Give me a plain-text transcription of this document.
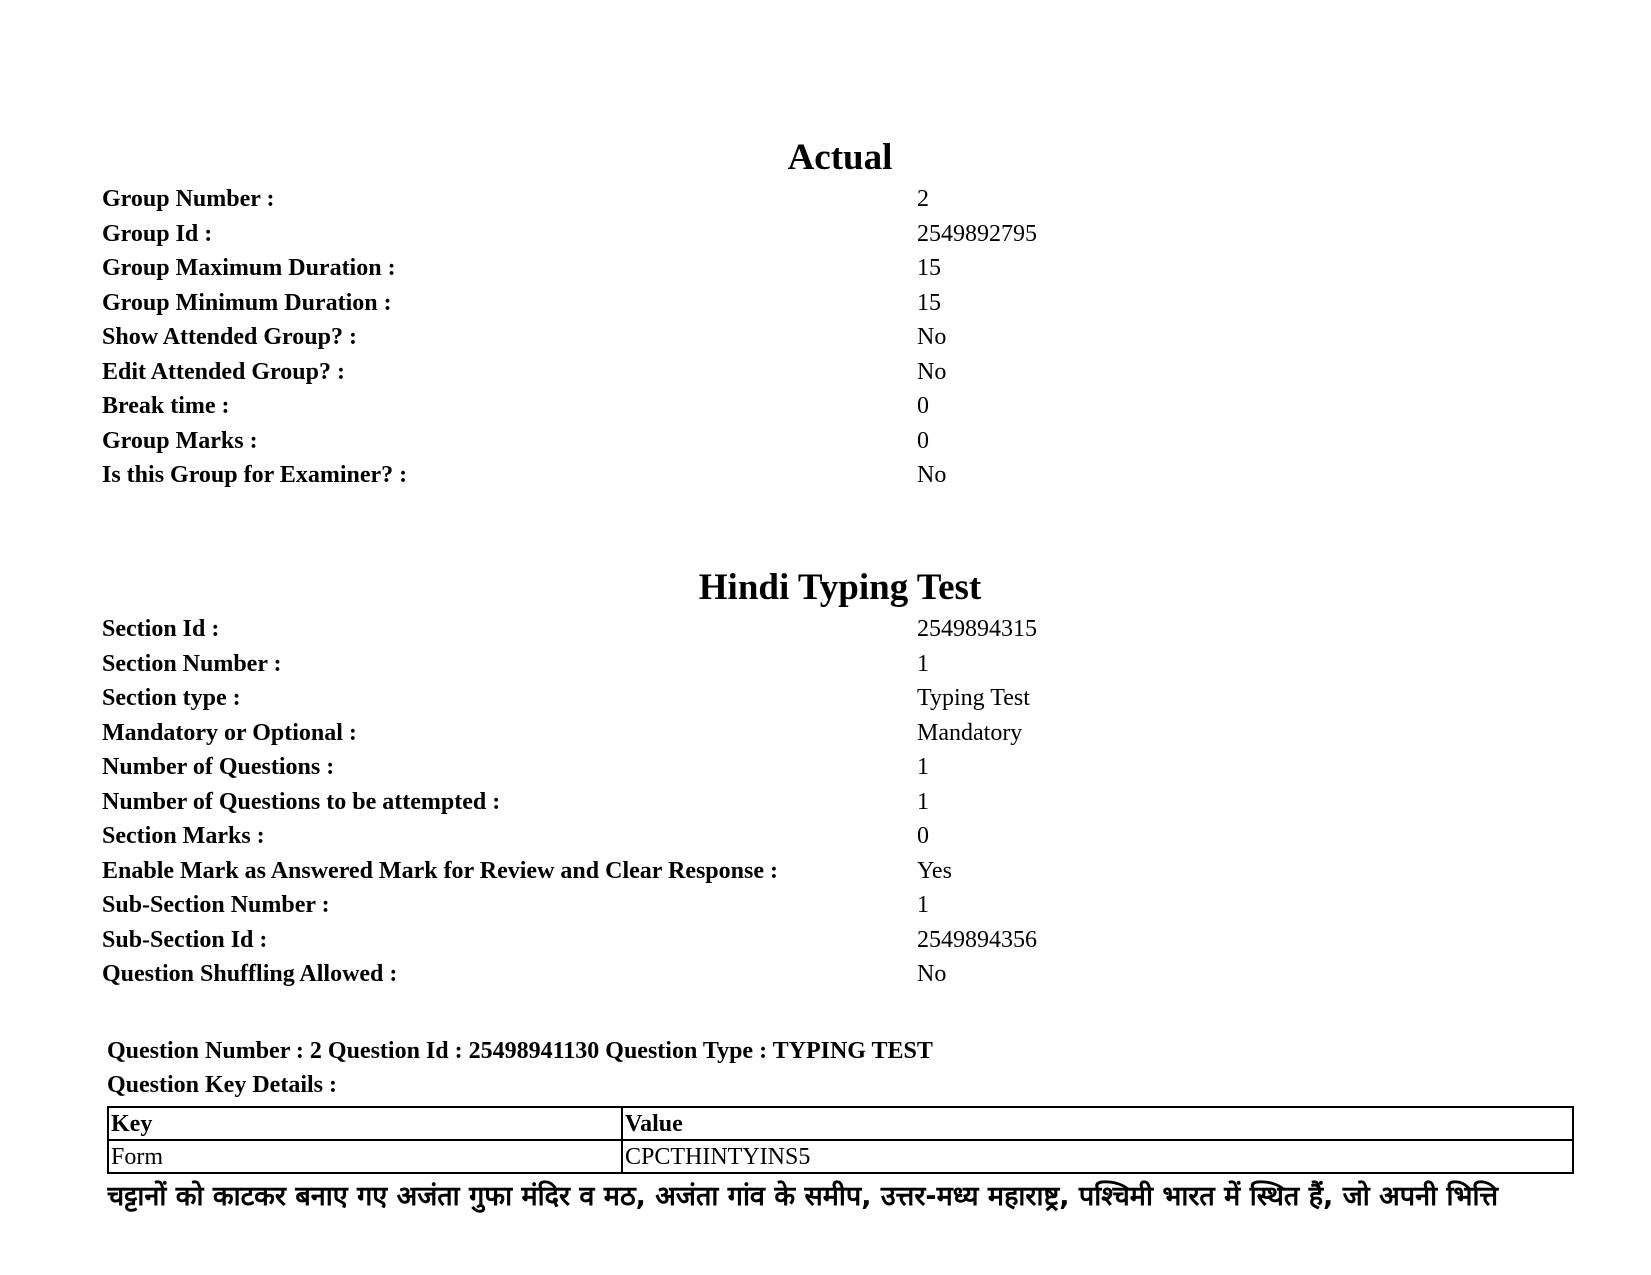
Actual
Group Number :	2
Group Id :	2549892795
Group Maximum Duration :	15
Group Minimum Duration :	15
Show Attended Group? :	No
Edit Attended Group? :	No
Break time :	0
Group Marks :	0
Is this Group for Examiner? :	No
Hindi Typing Test
Section Id :	2549894315
Section Number :	1
Section type :	Typing Test
Mandatory or Optional :	Mandatory
Number of Questions :	1
Number of Questions to be attempted :	1
Section Marks :	0
Enable Mark as Answered Mark for Review and Clear Response :	Yes
Sub-Section Number :	1
Sub-Section Id :	2549894356
Question Shuffling Allowed :	No
Question Number : 2 Question Id : 25498941130 Question Type : TYPING TEST
Question Key Details :
Key	Value
Form	CPCTHINTYINS5
चट्टानों को काटकर बनाए गए अजंता गुफा मंदिर व मठ, अजंता गांव के समीप, उत्तर-मध्य महाराष्ट्र, पश्चिमी भारत में स्थित हैं, जो अपनी भित्ति
